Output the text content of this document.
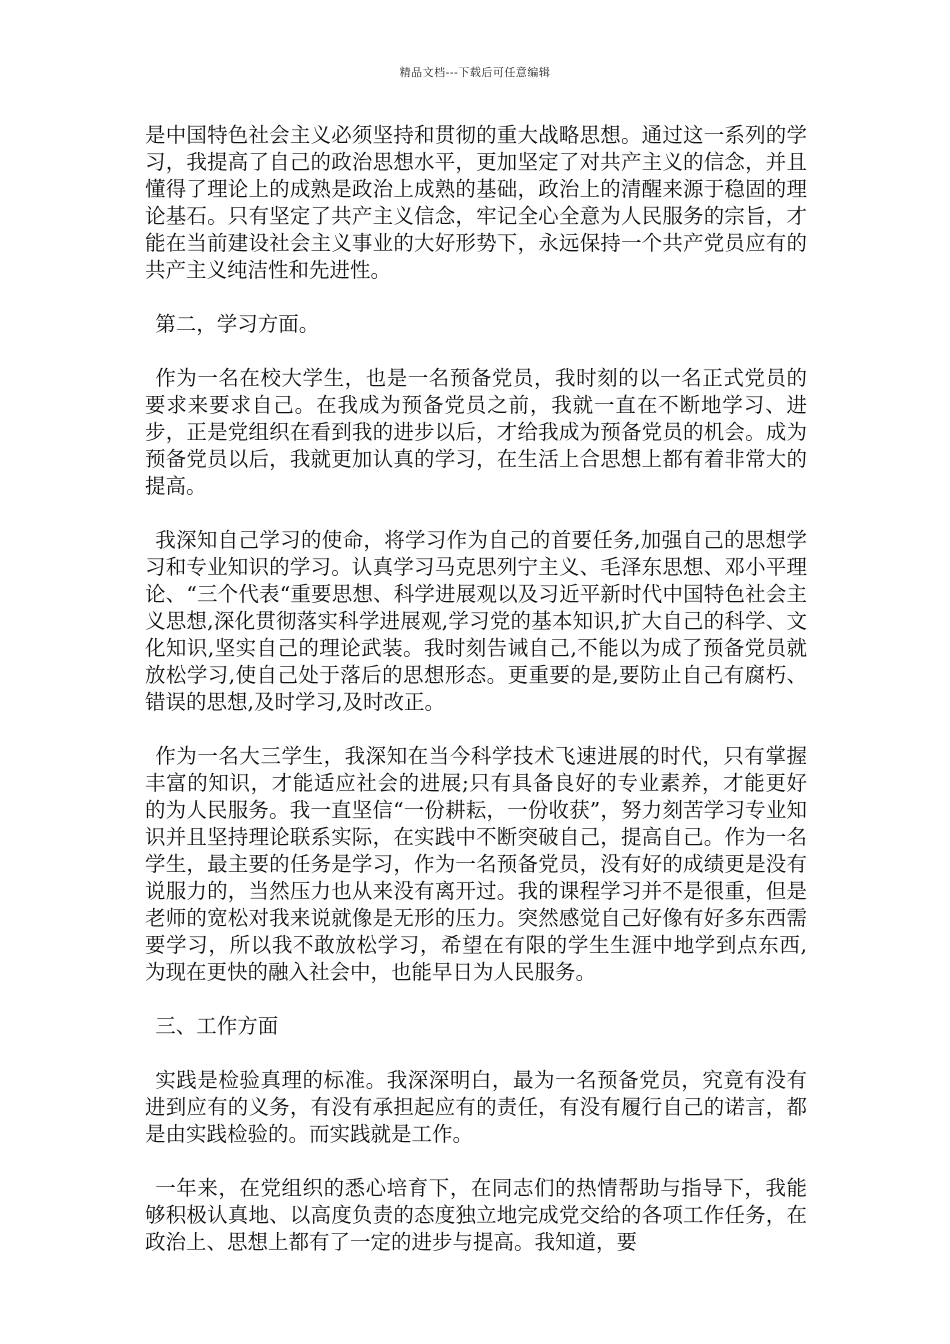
精品文档---下载后可任意编辑

是中国特色社会主义必须坚持和贯彻的重大战略思想。通过这一系列的学习，我提高了自己的政治思想水平，更加坚定了对共产主义的信念，并且懂得了理论上的成熟是政治上成熟的基础，政治上的清醒来源于稳固的理论基石。只有坚定了共产主义信念，牢记全心全意为人民服务的宗旨，才能在当前建设社会主义事业的大好形势下，永远保持一个共产党员应有的共产主义纯洁性和先进性。

第二，学习方面。

作为一名在校大学生，也是一名预备党员，我时刻的以一名正式党员的要求来要求自己。在我成为预备党员之前，我就一直在不断地学习、进步，正是党组织在看到我的进步以后，才给我成为预备党员的机会。成为预备党员以后，我就更加认真的学习，在生活上合思想上都有着非常大的提高。

我深知自己学习的使命，将学习作为自己的首要任务,加强自己的思想学习和专业知识的学习。认真学习马克思列宁主义、毛泽东思想、邓小平理论、“三个代表“重要思想、科学进展观以及习近平新时代中国特色社会主义思想,深化贯彻落实科学进展观,学习党的基本知识,扩大自己的科学、文化知识,坚实自己的理论武装。我时刻告诫自己,不能以为成了预备党员就放松学习,使自己处于落后的思想形态。更重要的是,要防止自己有腐朽、错误的思想,及时学习,及时改正。

作为一名大三学生，我深知在当今科学技术飞速进展的时代，只有掌握丰富的知识，才能适应社会的进展;只有具备良好的专业素养，才能更好的为人民服务。我一直坚信“一份耕耘，一份收获”，努力刻苦学习专业知识并且坚持理论联系实际，在实践中不断突破自己，提高自己。作为一名学生，最主要的任务是学习，作为一名预备党员，没有好的成绩更是没有说服力的，当然压力也从来没有离开过。我的课程学习并不是很重，但是老师的宽松对我来说就像是无形的压力。突然感觉自己好像有好多东西需要学习，所以我不敢放松学习，希望在有限的学生生涯中地学到点东西,为现在更快的融入社会中，也能早日为人民服务。

三、工作方面

实践是检验真理的标准。我深深明白，最为一名预备党员，究竟有没有进到应有的义务，有没有承担起应有的责任，有没有履行自己的诺言，都是由实践检验的。而实践就是工作。

一年来，在党组织的悉心培育下，在同志们的热情帮助与指导下，我能够积极认真地、以高度负责的态度独立地完成党交给的各项工作任务，在政治上、思想上都有了一定的进步与提高。我知道，要
